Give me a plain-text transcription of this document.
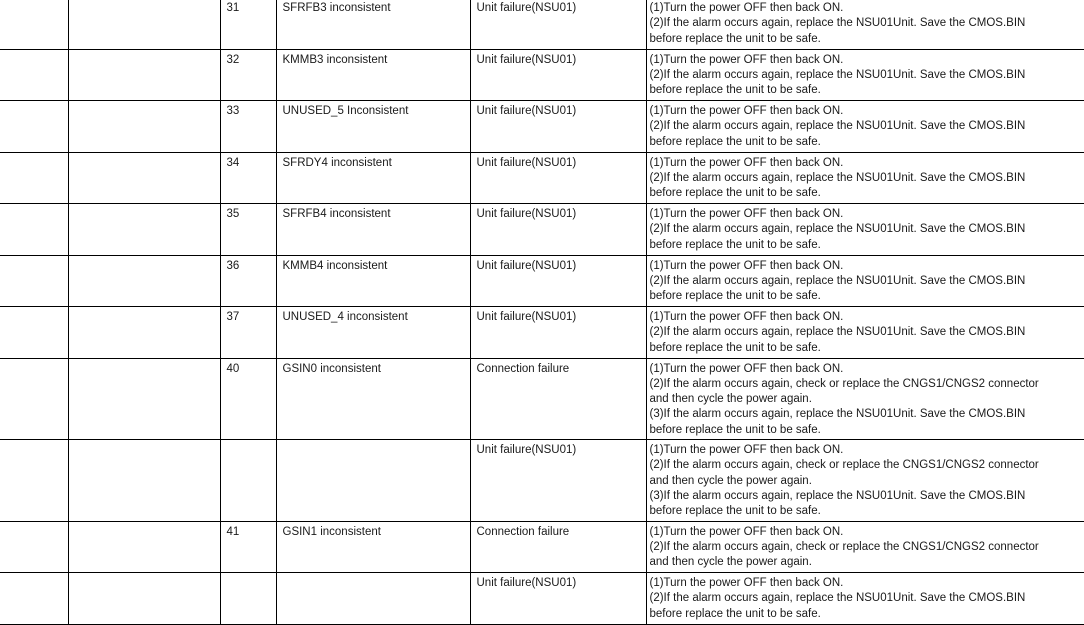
		31	SFRFB3 inconsistent	Unit failure(NSU01)	(1)Turn the power OFF then back ON.
(2)If the alarm occurs again, replace the NSU01Unit. Save the CMOS.BIN
before replace the unit to be safe.

		32	KMMB3 inconsistent	Unit failure(NSU01)	(1)Turn the power OFF then back ON.
(2)If the alarm occurs again, replace the NSU01Unit. Save the CMOS.BIN
before replace the unit to be safe.

		33	UNUSED_5 Inconsistent	Unit failure(NSU01)	(1)Turn the power OFF then back ON.
(2)If the alarm occurs again, replace the NSU01Unit. Save the CMOS.BIN
before replace the unit to be safe.

		34	SFRDY4 inconsistent	Unit failure(NSU01)	(1)Turn the power OFF then back ON.
(2)If the alarm occurs again, replace the NSU01Unit. Save the CMOS.BIN
before replace the unit to be safe.

		35	SFRFB4 inconsistent	Unit failure(NSU01)	(1)Turn the power OFF then back ON.
(2)If the alarm occurs again, replace the NSU01Unit. Save the CMOS.BIN
before replace the unit to be safe.

		36	KMMB4 inconsistent	Unit failure(NSU01)	(1)Turn the power OFF then back ON.
(2)If the alarm occurs again, replace the NSU01Unit. Save the CMOS.BIN
before replace the unit to be safe.

		37	UNUSED_4 inconsistent	Unit failure(NSU01)	(1)Turn the power OFF then back ON.
(2)If the alarm occurs again, replace the NSU01Unit. Save the CMOS.BIN
before replace the unit to be safe.

		40	GSIN0 inconsistent	Connection failure	(1)Turn the power OFF then back ON.
(2)If the alarm occurs again, check or replace the CNGS1/CNGS2 connector
and then cycle the power again.
(3)If the alarm occurs again, replace the NSU01Unit. Save the CMOS.BIN
before replace the unit to be safe.

				Unit failure(NSU01)	(1)Turn the power OFF then back ON.
(2)If the alarm occurs again, check or replace the CNGS1/CNGS2 connector
and then cycle the power again.
(3)If the alarm occurs again, replace the NSU01Unit. Save the CMOS.BIN
before replace the unit to be safe.

		41	GSIN1 inconsistent	Connection failure	(1)Turn the power OFF then back ON.
(2)If the alarm occurs again, check or replace the CNGS1/CNGS2 connector
and then cycle the power again.

				Unit failure(NSU01)	(1)Turn the power OFF then back ON.
(2)If the alarm occurs again, replace the NSU01Unit. Save the CMOS.BIN
before replace the unit to be safe.
